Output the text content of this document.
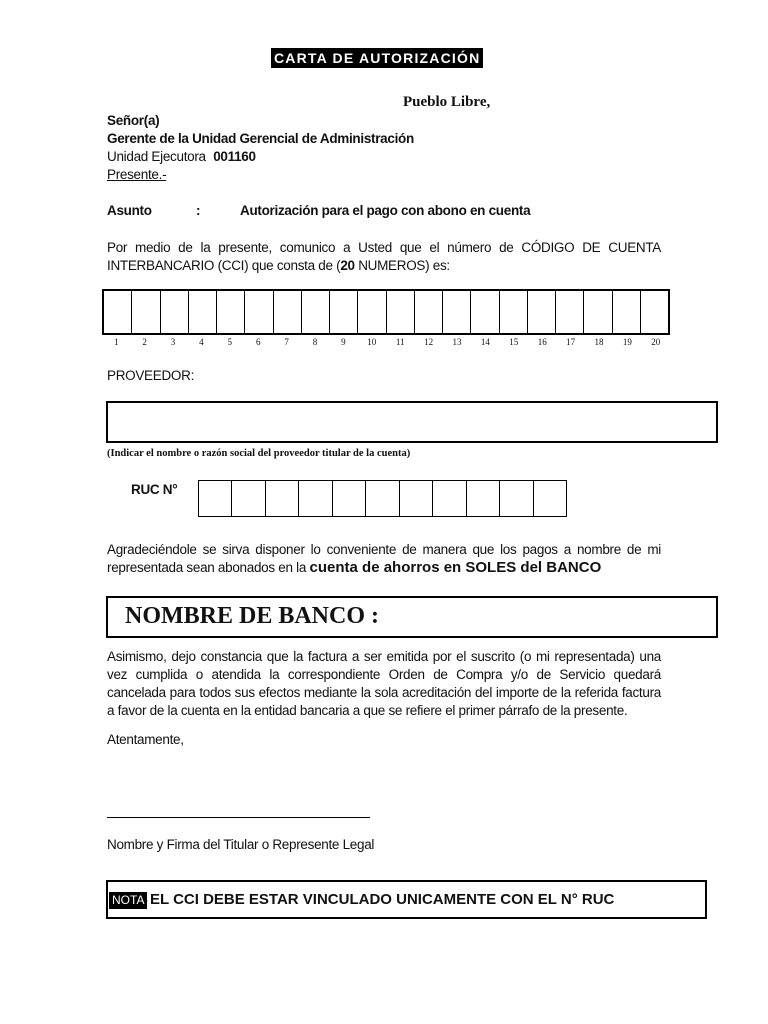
CARTA DE AUTORIZACIÓN
Pueblo Libre,
Señor(a)
Gerente de la Unidad Gerencial de Administración
Unidad Ejecutora 001160
Presente.-
Asunto	:	Autorización para el pago con abono en cuenta
Por medio de la presente, comunico a Usted que el número de CÓDIGO DE CUENTA INTERBANCARIO (CCI) que consta de (20 NUMEROS) es:
1	2	3	4	5	6	7	8	9 10 11 12 13 14 15 16 17 18 19 20
PROVEEDOR:
(Indicar el nombre o razón social del proveedor titular de la cuenta)
RUC N°
Agradeciéndole se sirva disponer lo conveniente de manera que los pagos a nombre de mi representada sean abonados en la cuenta de ahorros en SOLES del BANCO
NOMBRE DE BANCO :
Asimismo, dejo constancia que la factura a ser emitida por el suscrito (o mi representada) una vez cumplida o atendida la correspondiente Orden de Compra y/o de Servicio quedará cancelada para todos sus efectos mediante la sola acreditación del importe de la referida factura a favor de la cuenta en la entidad bancaria a que se refiere el primer párrafo de la presente.
Atentamente,
Nombre y Firma del Titular o Represente Legal
NOTA - EL CCI DEBE ESTAR VINCULADO UNICAMENTE CON EL N° RUC
